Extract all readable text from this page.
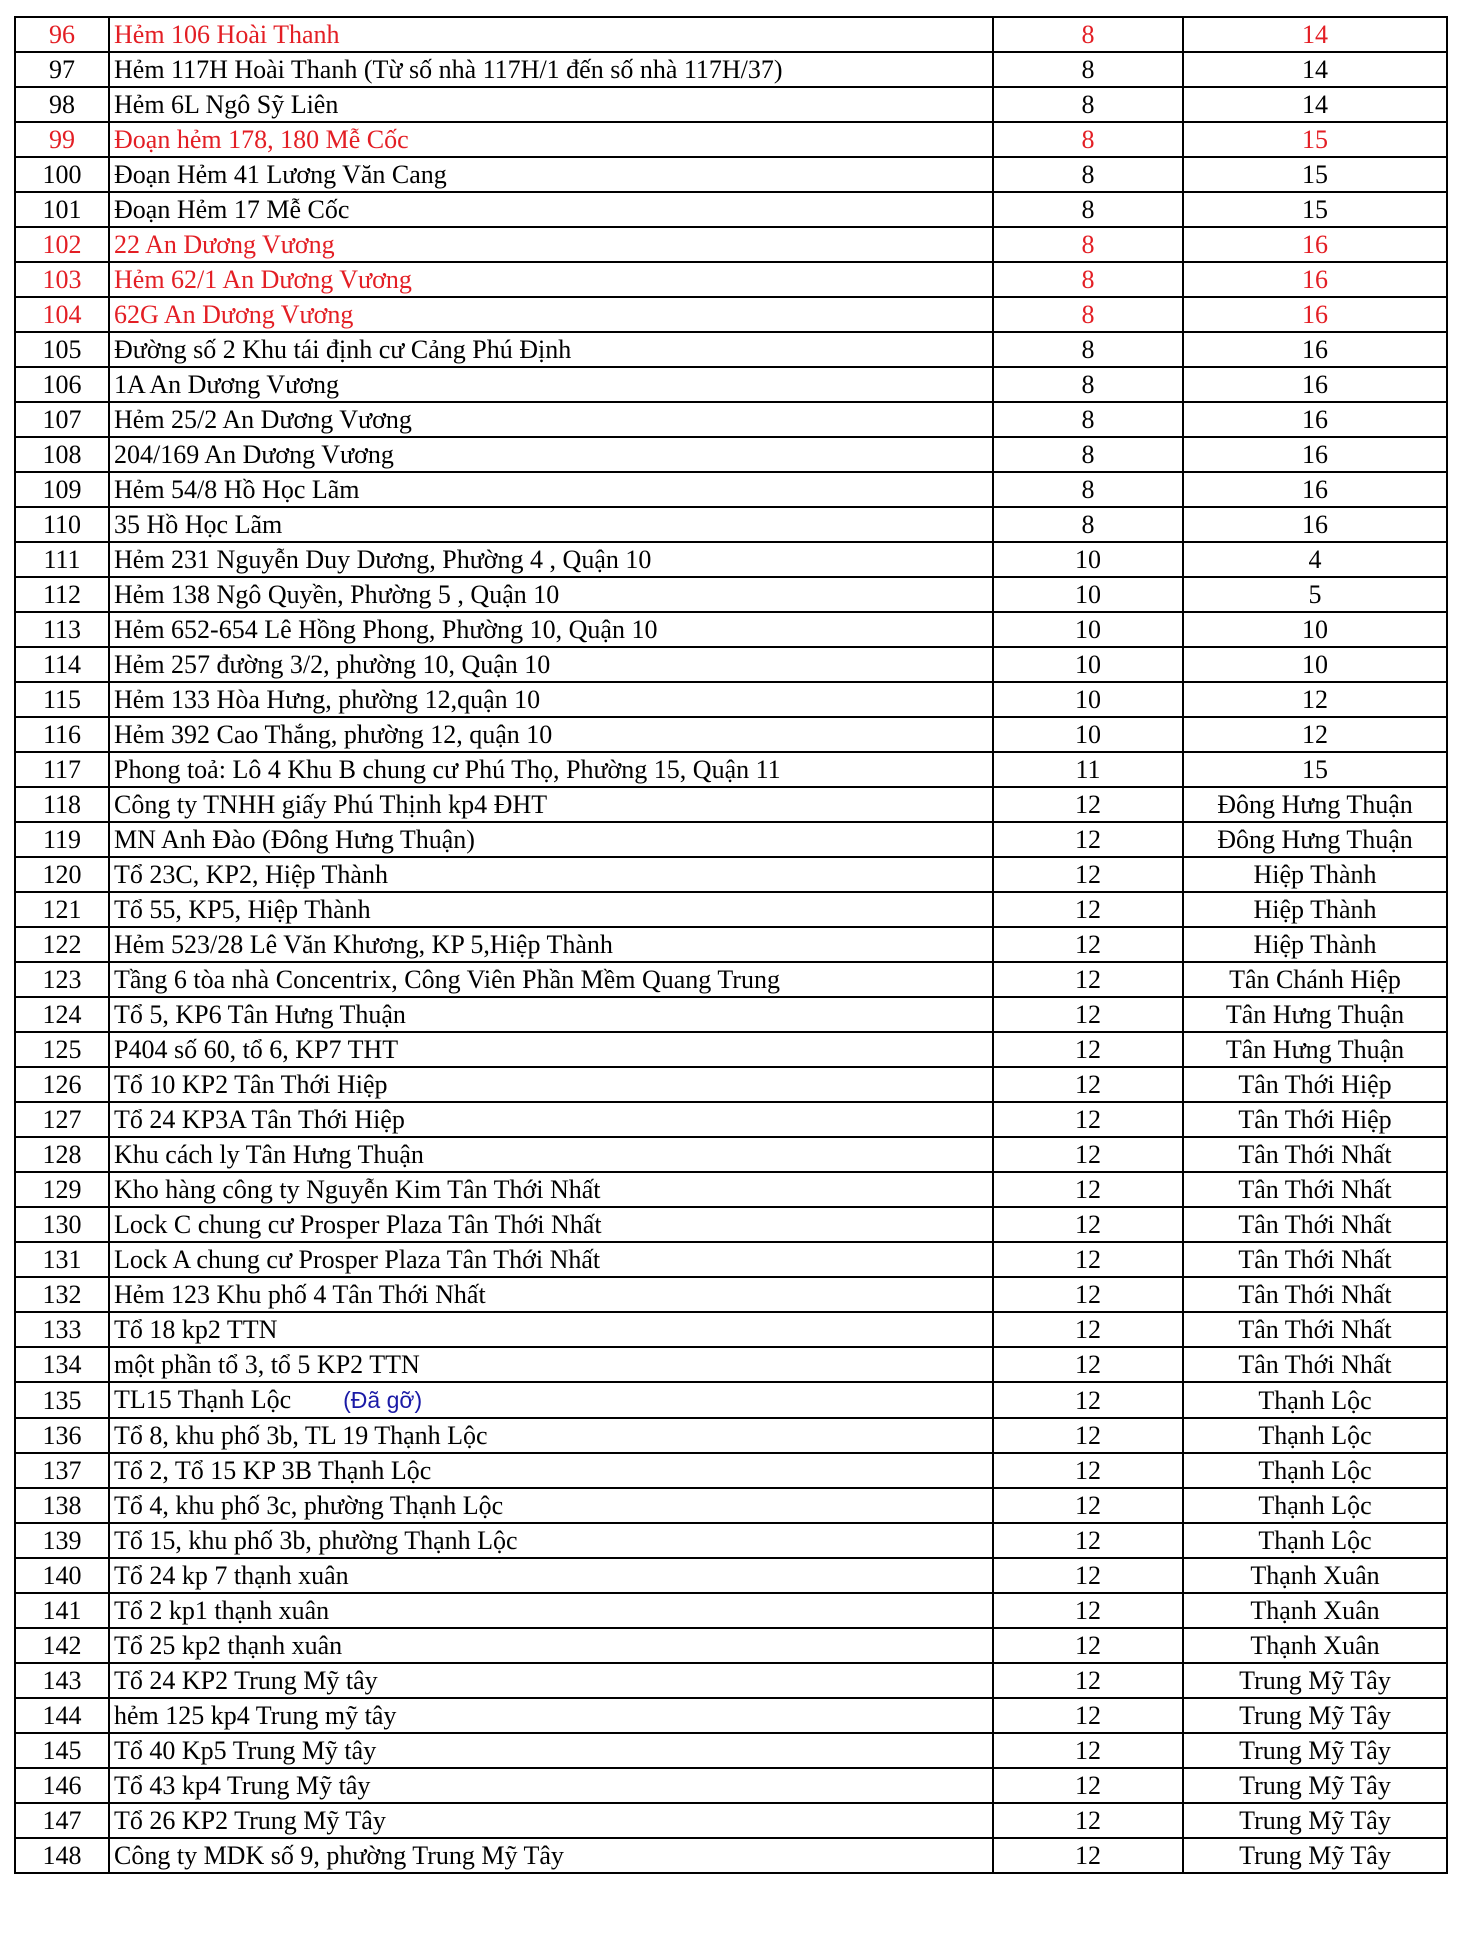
96	Hẻm 106 Hoài Thanh	8	14
97	Hẻm 117H Hoài Thanh (Từ số nhà 117H/1 đến số nhà 117H/37)	8	14
98	Hẻm 6L Ngô Sỹ Liên	8	14
99	Đoạn hẻm 178, 180 Mễ Cốc	8	15
100	Đoạn Hẻm 41 Lương Văn Cang	8	15
101	Đoạn Hẻm 17 Mễ Cốc	8	15
102	22 An Dương Vương	8	16
103	Hẻm 62/1 An Dương Vương	8	16
104	62G An Dương Vương	8	16
105	Đường số 2 Khu tái định cư Cảng Phú Định	8	16
106	1A An Dương Vương	8	16
107	Hẻm 25/2 An Dương Vương	8	16
108	204/169 An Dương Vương	8	16
109	Hẻm 54/8 Hồ Học Lãm	8	16
110	35 Hồ Học Lãm	8	16
111	Hẻm 231 Nguyễn Duy Dương, Phường 4 , Quận 10	10	4
112	Hẻm 138 Ngô Quyền, Phường 5 , Quận 10	10	5
113	Hẻm 652-654 Lê Hồng Phong, Phường 10, Quận 10	10	10
114	Hẻm 257 đường 3/2, phường 10, Quận 10	10	10
115	Hẻm 133 Hòa Hưng, phường 12,quận 10	10	12
116	Hẻm 392 Cao Thắng, phường 12, quận 10	10	12
117	Phong toả: Lô 4 Khu B chung cư Phú Thọ, Phường 15, Quận 11	11	15
118	Công ty TNHH giấy Phú Thịnh kp4 ĐHT	12	Đông Hưng Thuận
119	MN Anh Đào (Đông Hưng Thuận)	12	Đông Hưng Thuận
120	Tổ 23C, KP2, Hiệp Thành	12	Hiệp Thành
121	Tổ 55, KP5, Hiệp Thành	12	Hiệp Thành
122	Hẻm 523/28 Lê Văn Khương, KP 5,Hiệp Thành	12	Hiệp Thành
123	Tầng 6 tòa nhà Concentrix, Công Viên Phần Mềm Quang Trung	12	Tân Chánh Hiệp
124	Tổ 5, KP6 Tân Hưng Thuận	12	Tân Hưng Thuận
125	P404 số 60, tổ 6, KP7 THT	12	Tân Hưng Thuận
126	Tổ 10 KP2 Tân Thới Hiệp	12	Tân Thới Hiệp
127	Tổ 24 KP3A Tân Thới Hiệp	12	Tân Thới Hiệp
128	Khu cách ly Tân Hưng Thuận	12	Tân Thới Nhất
129	Kho hàng công ty Nguyễn Kim Tân Thới Nhất	12	Tân Thới Nhất
130	Lock C chung cư Prosper Plaza Tân Thới Nhất	12	Tân Thới Nhất
131	Lock A chung cư Prosper Plaza Tân Thới Nhất	12	Tân Thới Nhất
132	Hẻm 123 Khu phố 4 Tân Thới Nhất	12	Tân Thới Nhất
133	Tổ 18 kp2 TTN	12	Tân Thới Nhất
134	một phần tổ 3, tổ 5 KP2 TTN	12	Tân Thới Nhất
135	TL15 Thạnh Lộc (Đã gỡ)	12	Thạnh Lộc
136	Tổ 8, khu phố 3b, TL 19 Thạnh Lộc	12	Thạnh Lộc
137	Tổ 2, Tổ 15 KP 3B Thạnh Lộc	12	Thạnh Lộc
138	Tổ 4, khu phố 3c, phường Thạnh Lộc	12	Thạnh Lộc
139	Tổ 15, khu phố 3b, phường Thạnh Lộc	12	Thạnh Lộc
140	Tổ 24 kp 7 thạnh xuân	12	Thạnh Xuân
141	Tổ 2 kp1 thạnh xuân	12	Thạnh Xuân
142	Tổ 25 kp2 thạnh xuân	12	Thạnh Xuân
143	Tổ 24 KP2 Trung Mỹ tây	12	Trung Mỹ Tây
144	hẻm 125 kp4 Trung mỹ tây	12	Trung Mỹ Tây
145	Tổ 40 Kp5 Trung Mỹ tây	12	Trung Mỹ Tây
146	Tổ 43 kp4 Trung Mỹ tây	12	Trung Mỹ Tây
147	Tổ 26 KP2 Trung Mỹ Tây	12	Trung Mỹ Tây
148	Công ty MDK số 9, phường Trung Mỹ Tây	12	Trung Mỹ Tây
